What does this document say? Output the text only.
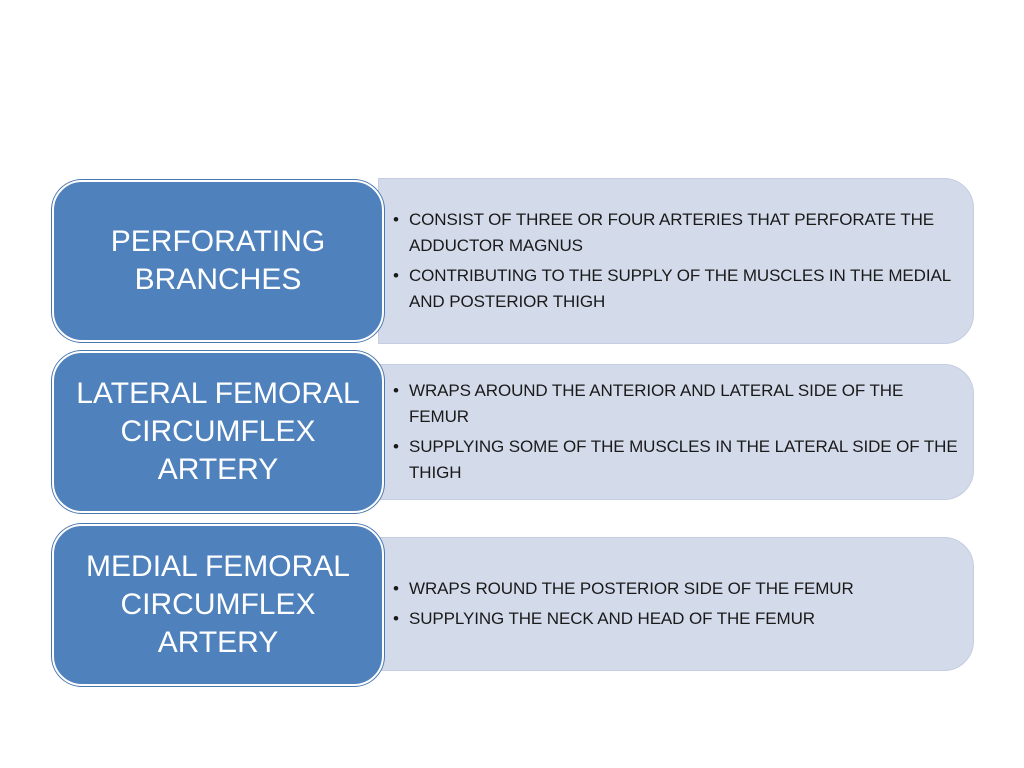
• CONSIST OF THREE OR FOUR ARTERIES THAT PERFORATE THE ADDUCTOR MAGNUS
• CONTRIBUTING TO THE SUPPLY OF THE MUSCLES IN THE MEDIAL AND POSTERIOR THIGH
PERFORATING BRANCHES
• WRAPS AROUND THE ANTERIOR AND LATERAL SIDE OF THE FEMUR
• SUPPLYING SOME OF THE MUSCLES IN THE LATERAL SIDE OF THE THIGH
LATERAL FEMORAL CIRCUMFLEX ARTERY
• WRAPS ROUND THE POSTERIOR SIDE OF THE FEMUR
• SUPPLYING THE NECK AND HEAD OF THE FEMUR
MEDIAL FEMORAL CIRCUMFLEX ARTERY
